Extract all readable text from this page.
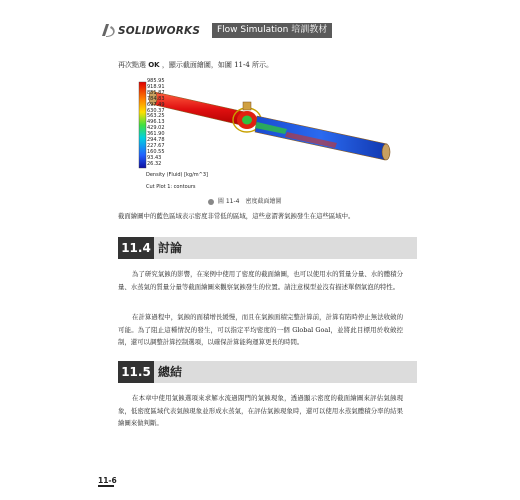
SOLIDWORKS	Flow Simulation 培訓教材
再次點選 OK ，顯示截面繪圖，如圖 11-4 所示。
985.95
918.91
851.87
784.83
697.49
630.37
563.25
496.13
429.02
361.90
294.78
227.67
160.55
93.43
26.32
Density (Fluid) [kg/m^3]
Cut Plot 1: contours
圖 11-4　密度截面繪圖
截面繪圖中的藍色區域表示密度非常低的區域，這些意謂著氣蝕發生在這些區域中。
11.4 討論
為了研究氣蝕的影響，在案例中使用了密度的截面繪圖，也可以使用水的質量分量、水的體積分量、水蒸氣的質量分量等截面繪圖來觀察氣蝕發生的位置。請注意模型並沒有描述單個氣泡的特性。
在計算過程中，氣蝕的面積增長緩慢，而且在氣蝕面積完整計算前，計算有陷時停止無法收斂的可能。為了阻止這種情況的發生，可以指定平均密度的一個 Global Goal，並將此目標用於收斂控制，還可以調整計算控制選項，以確保計算能夠運算更長的時間。
11.5 總結
在本章中使用氣蝕選項來求解水流過閥門的氣蝕現象，透過顯示密度的截面繪圖來評估氣蝕現象，低密度區域代表氣蝕現象並形成水蒸氣，在評估氣蝕現象時，還可以使用水蒸氣體積分率的結果繪圖來做判斷。
11-6
